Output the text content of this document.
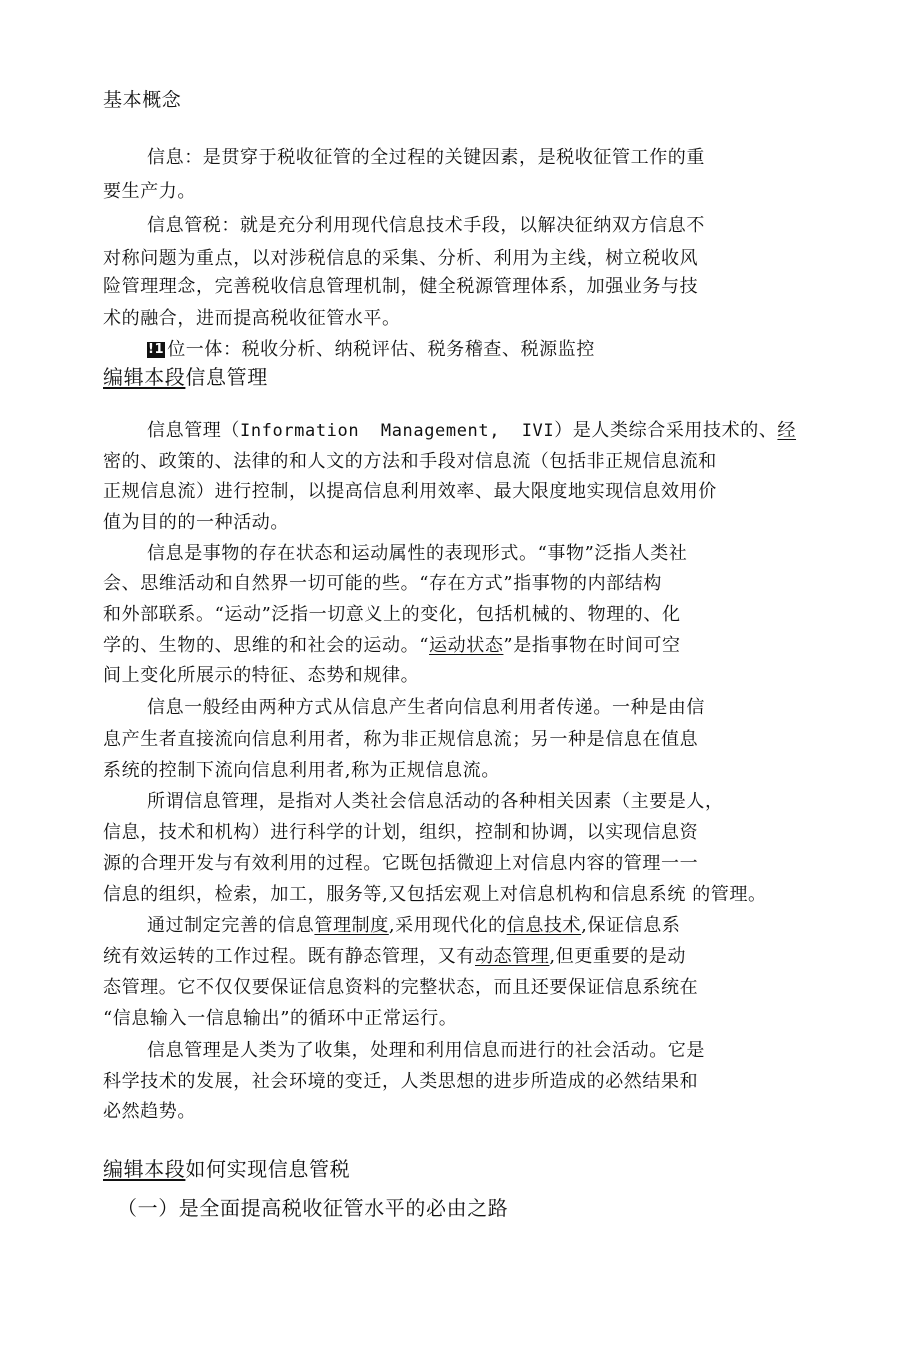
基本概念
信息：是贯穿于税收征管的全过程的关键因素，是税收征管工作的重
要生产力。
信息管税：就是充分利用现代信息技术手段，以解决征纳双方信息不
对称问题为重点，以对涉税信息的采集、分析、利用为主线，树立税收风
险管理理念，完善税收信息管理机制，健全税源管理体系，加强业务与技
术的融合，进而提高税收征管水平。
!1 位一体：税收分析、纳税评估、税务稽查、税源监控
编辑本段信息管理
信息管理（Information  Management,  IVI）是人类综合采用技术的、经
密的、政策的、法律的和人文的方法和手段对信息流（包括非正规信息流和
正规信息流）进行控制，以提高信息利用效率、最大限度地实现信息效用价
值为目的的一种活动。
信息是事物的存在状态和运动属性的表现形式。“事物”泛指人类社
会、思维活动和自然界一切可能的些。“存在方式”指事物的内部结构
和外部联系。“运动”泛指一切意义上的变化，包括机械的、物理的、化
学的、生物的、思维的和社会的运动。“运动状态”是指事物在时间可空
间上变化所展示的特征、态势和规律。
信息一般经由两种方式从信息产生者向信息利用者传递。一种是由信
息产生者直接流向信息利用者，称为非正规信息流；另一种是信息在值息
系统的控制下流向信息利用者,称为正规信息流。
所谓信息管理，是指对人类社会信息活动的各种相关因素（主要是人，
信息，技术和机构）进行科学的计划，组织，控制和协调，以实现信息资
源的合理开发与有效利用的过程。它既包括微迎上对信息内容的管理一一
信息的组织，检索，加工，服务等,又包括宏观上对信息机构和信息系统 的管理。
通过制定完善的信息管理制度,采用现代化的信息技术,保证信息系
统有效运转的工作过程。既有静态管理，又有动态管理,但更重要的是动
态管理。它不仅仅要保证信息资料的完整状态，而且还要保证信息系统在
“信息输入一信息输出”的循环中正常运行。
信息管理是人类为了收集，处理和利用信息而进行的社会活动。它是
科学技术的发展，社会环境的变迁，人类思想的进步所造成的必然结果和
必然趋势。
编辑本段如何实现信息管税
（一）是全面提高税收征管水平的必由之路
